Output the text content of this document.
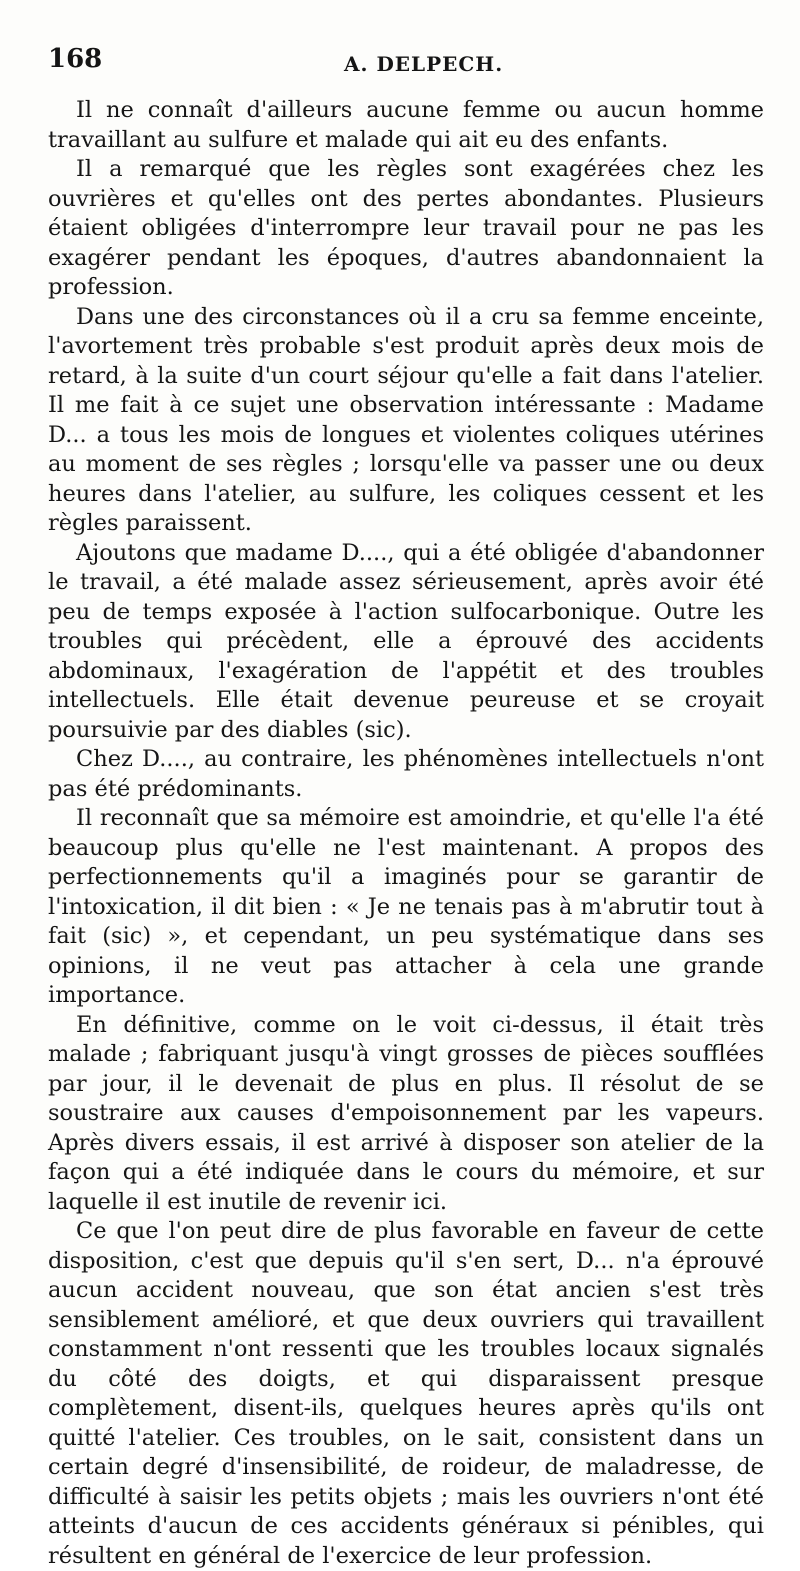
168	A. DELPECH.

Il ne connaît d'ailleurs aucune femme ou aucun homme travaillant au sulfure et malade qui ait eu des enfants.

Il a remarqué que les règles sont exagérées chez les ouvrières et qu'elles ont des pertes abondantes. Plusieurs étaient obligées d'interrompre leur travail pour ne pas les exagérer pendant les époques, d'autres abandonnaient la profession.

Dans une des circonstances où il a cru sa femme enceinte, l'avortement très probable s'est produit après deux mois de retard, à la suite d'un court séjour qu'elle a fait dans l'atelier. Il me fait à ce sujet une observation intéressante : Madame D... a tous les mois de longues et violentes coliques utérines au moment de ses règles ; lorsqu'elle va passer une ou deux heures dans l'atelier, au sulfure, les coliques cessent et les règles paraissent.

Ajoutons que madame D...., qui a été obligée d'abandonner le travail, a été malade assez sérieusement, après avoir été peu de temps exposée à l'action sulfocarbonique. Outre les troubles qui précèdent, elle a éprouvé des accidents abdominaux, l'exagération de l'appétit et des troubles intellectuels. Elle était devenue peureuse et se croyait poursuivie par des diables (sic).

Chez D...., au contraire, les phénomènes intellectuels n'ont pas été prédominants.

Il reconnaît que sa mémoire est amoindrie, et qu'elle l'a été beaucoup plus qu'elle ne l'est maintenant. A propos des perfectionnements qu'il a imaginés pour se garantir de l'intoxication, il dit bien : « Je ne tenais pas à m'abrutir tout à fait (sic) », et cependant, un peu systématique dans ses opinions, il ne veut pas attacher à cela une grande importance.

En définitive, comme on le voit ci-dessus, il était très malade ; fabriquant jusqu'à vingt grosses de pièces soufflées par jour, il le devenait de plus en plus. Il résolut de se soustraire aux causes d'empoisonnement par les vapeurs. Après divers essais, il est arrivé à disposer son atelier de la façon qui a été indiquée dans le cours du mémoire, et sur laquelle il est inutile de revenir ici.

Ce que l'on peut dire de plus favorable en faveur de cette disposition, c'est que depuis qu'il s'en sert, D... n'a éprouvé aucun accident nouveau, que son état ancien s'est très sensiblement amélioré, et que deux ouvriers qui travaillent constamment n'ont ressenti que les troubles locaux signalés du côté des doigts, et qui disparaissent presque complètement, disent-ils, quelques heures après qu'ils ont quitté l'atelier. Ces troubles, on le sait, consistent dans un certain degré d'insensibilité, de roideur, de maladresse, de difficulté à saisir les petits objets ; mais les ouvriers n'ont été atteints d'aucun de ces accidents généraux si pénibles, qui résultent en général de l'exercice de leur profession.
